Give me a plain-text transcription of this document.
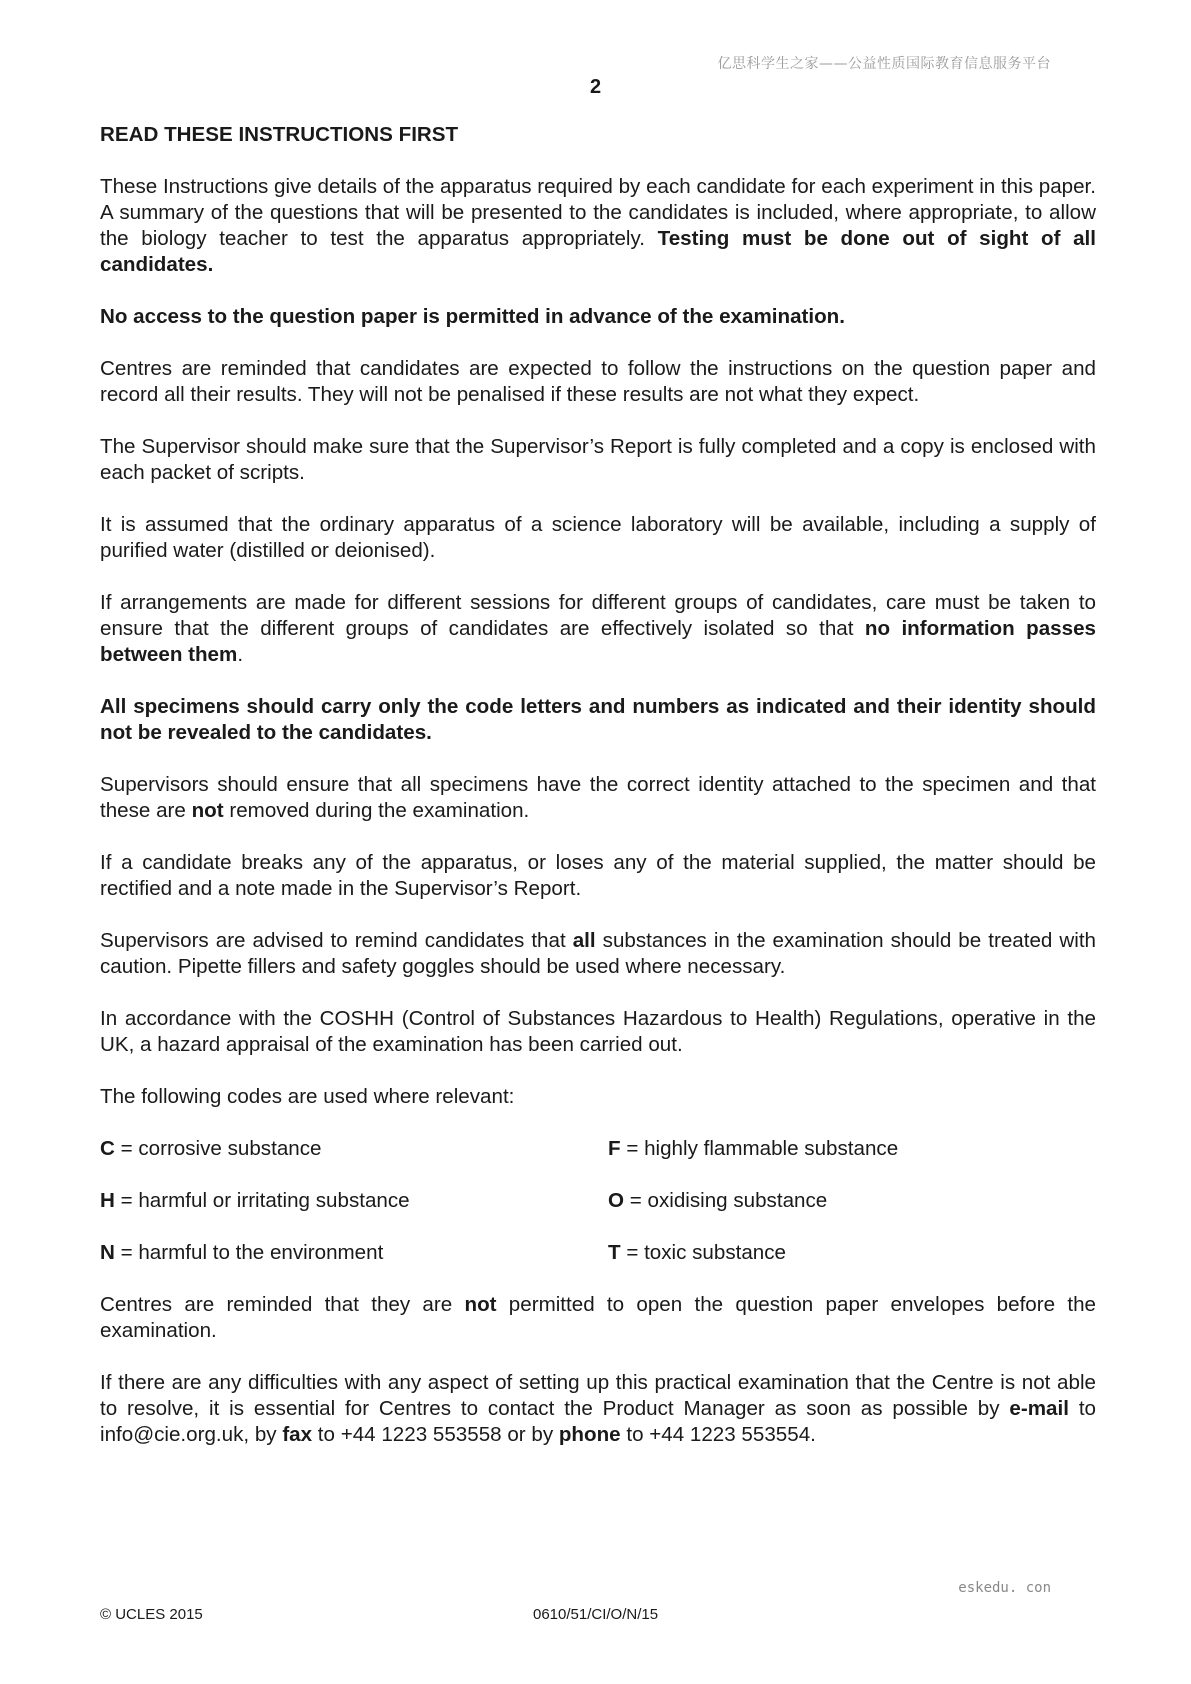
亿思科学生之家——公益性质国际教育信息服务平台
2
READ THESE INSTRUCTIONS FIRST

These Instructions give details of the apparatus required by each candidate for each experiment in this paper. A summary of the questions that will be presented to the candidates is included, where appropriate, to allow the biology teacher to test the apparatus appropriately. Testing must be done out of sight of all candidates.

No access to the question paper is permitted in advance of the examination.

Centres are reminded that candidates are expected to follow the instructions on the question paper and record all their results. They will not be penalised if these results are not what they expect.

The Supervisor should make sure that the Supervisor’s Report is fully completed and a copy is enclosed with each packet of scripts.

It is assumed that the ordinary apparatus of a science laboratory will be available, including a supply of purified water (distilled or deionised).

If arrangements are made for different sessions for different groups of candidates, care must be taken to ensure that the different groups of candidates are effectively isolated so that no information passes between them.

All specimens should carry only the code letters and numbers as indicated and their identity should not be revealed to the candidates.

Supervisors should ensure that all specimens have the correct identity attached to the specimen and that these are not removed during the examination.

If a candidate breaks any of the apparatus, or loses any of the material supplied, the matter should be rectified and a note made in the Supervisor’s Report.

Supervisors are advised to remind candidates that all substances in the examination should be treated with caution. Pipette fillers and safety goggles should be used where necessary.

In accordance with the COSHH (Control of Substances Hazardous to Health) Regulations, operative in the UK, a hazard appraisal of the examination has been carried out.

The following codes are used where relevant:

C = corrosive substance	F = highly flammable substance
H = harmful or irritating substance	O = oxidising substance
N = harmful to the environment	T = toxic substance

Centres are reminded that they are not permitted to open the question paper envelopes before the examination.

If there are any difficulties with any aspect of setting up this practical examination that the Centre is not able to resolve, it is essential for Centres to contact the Product Manager as soon as possible by e-mail to info@cie.org.uk, by fax to +44 1223 553558 or by phone to +44 1223 553554.

eskedu. con
© UCLES 2015	0610/51/CI/O/N/15
